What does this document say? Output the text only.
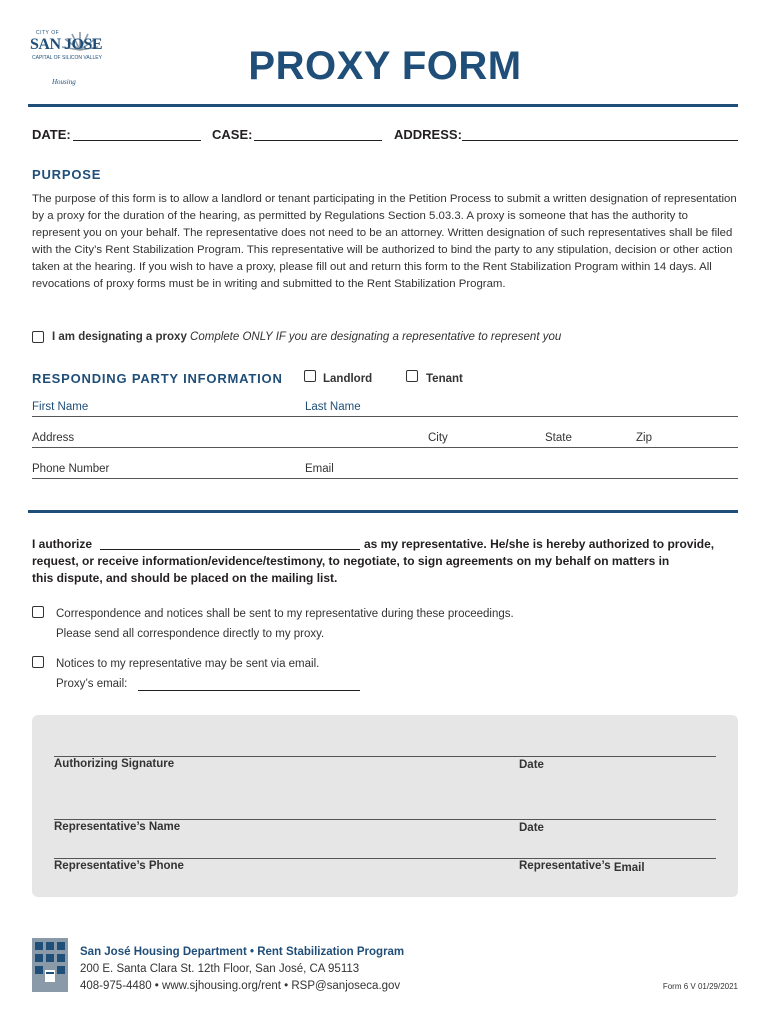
CITY OF
SAN JOSE
CAPITAL OF SILICON VALLEY
Housing	PROXY FORM
DATE:	CASE:	ADDRESS:
PURPOSE
The purpose of this form is to allow a landlord or tenant participating in the Petition Process to submit a written designation of representation by a proxy for the duration of the hearing, as permitted by Regulations Section 5.03.3. A proxy is someone that has the authority to represent you on your behalf. The representative does not need to be an attorney. Written designation of such representatives shall be filed with the City’s Rent Stabilization Program. This representative will be authorized to bind the party to any stipulation, decision or other action taken at the hearing. If you wish to have a proxy, please fill out and return this form to the Rent Stabilization Program within 14 days. All revocations of proxy forms must be in writing and submitted to the Rent Stabilization Program.
I am designating a proxy Complete ONLY IF you are designating a representative to represent you
RESPONDING PARTY INFORMATION	Landlord	Tenant
First Name	Last Name
Address	City	State	Zip
Phone Number	Email
I authorize	as my representative. He/she is hereby authorized to provide,
request, or receive information/evidence/testimony, to negotiate, to sign agreements on my behalf on matters in
this dispute, and should be placed on the mailing list.
Correspondence and notices shall be sent to my representative during these proceedings.
Please send all correspondence directly to my proxy.
Notices to my representative may be sent via email.
Proxy’s email:
Authorizing Signature	Date
Representative’s Name	Date
Representative’s Phone	Representative’s Email
San José Housing Department • Rent Stabilization Program
200 E. Santa Clara St. 12th Floor, San José, CA 95113
408-975-4480 • www.sjhousing.org/rent • RSP@sanjoseca.gov	Form 6 V 01/29/2021
